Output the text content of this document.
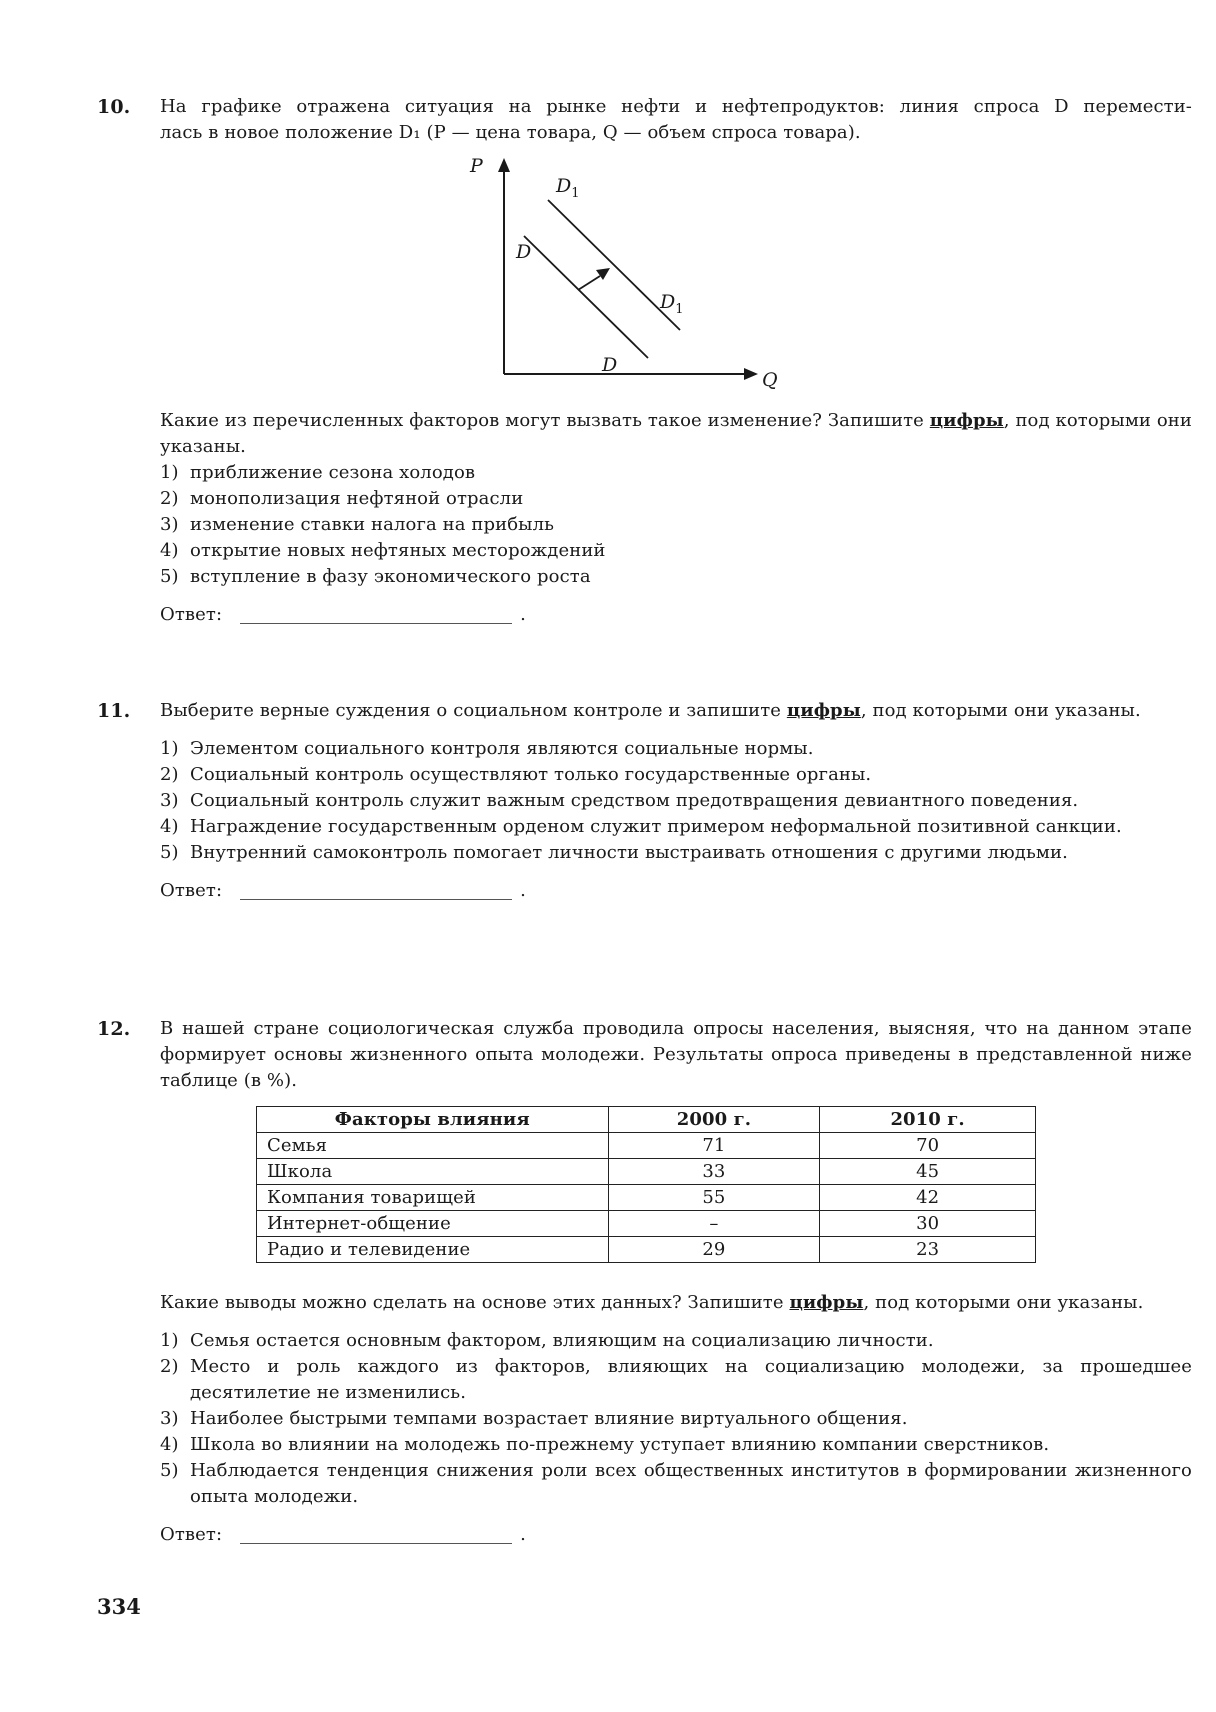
10. На графике отражена ситуация на рынке нефти и нефтепродуктов: линия спроса D перемести-

лась в новое положение D₁ (P — цена товара, Q — объем спроса товара).

P
Q
D
D
$D_1$
$D_1$

Какие из перечисленных факторов могут вызвать такое изменение? Запишите цифры, под которыми они указаны.

1) приближение сезона холодов
2) монополизация нефтяной отрасли
3) изменение ставки налога на прибыль
4) открытие новых нефтяных месторождений
5) вступление в фазу экономического роста
Ответ:	.
11. Выберите верные суждения о социальном контроле и запишите цифры, под которыми они указаны.

1) Элементом социального контроля являются социальные нормы.
2) Социальный контроль осуществляют только государственные органы.
3) Социальный контроль служит важным средством предотвращения девиантного поведения.
4) Награждение государственным орденом служит примером неформальной позитивной санкции.
5) Внутренний самоконтроль помогает личности выстраивать отношения с другими людьми.
Ответ:	.
12. В нашей стране социологическая служба проводила опросы населения, выясняя, что на данном этапе формирует основы жизненного опыта молодежи. Результаты опроса приведены в представленной ниже таблице (в %).

Факторы влияния	2000 г.	2010 г.
Семья	71	70
Школа	33	45
Компания товарищей	55	42
Интернет-общение	–	30
Радио и телевидение	29	23

Какие выводы можно сделать на основе этих данных? Запишите цифры, под которыми они указаны.

1) Семья остается основным фактором, влияющим на социализацию личности.
2) Место и роль каждого из факторов, влияющих на социализацию молодежи, за прошедшее десятилетие не изменились.
3) Наиболее быстрыми темпами возрастает влияние виртуального общения.
4) Школа во влиянии на молодежь по-прежнему уступает влиянию компании сверстников.
5) Наблюдается тенденция снижения роли всех общественных институтов в формировании жизненного опыта молодежи.
Ответ:	.
334
